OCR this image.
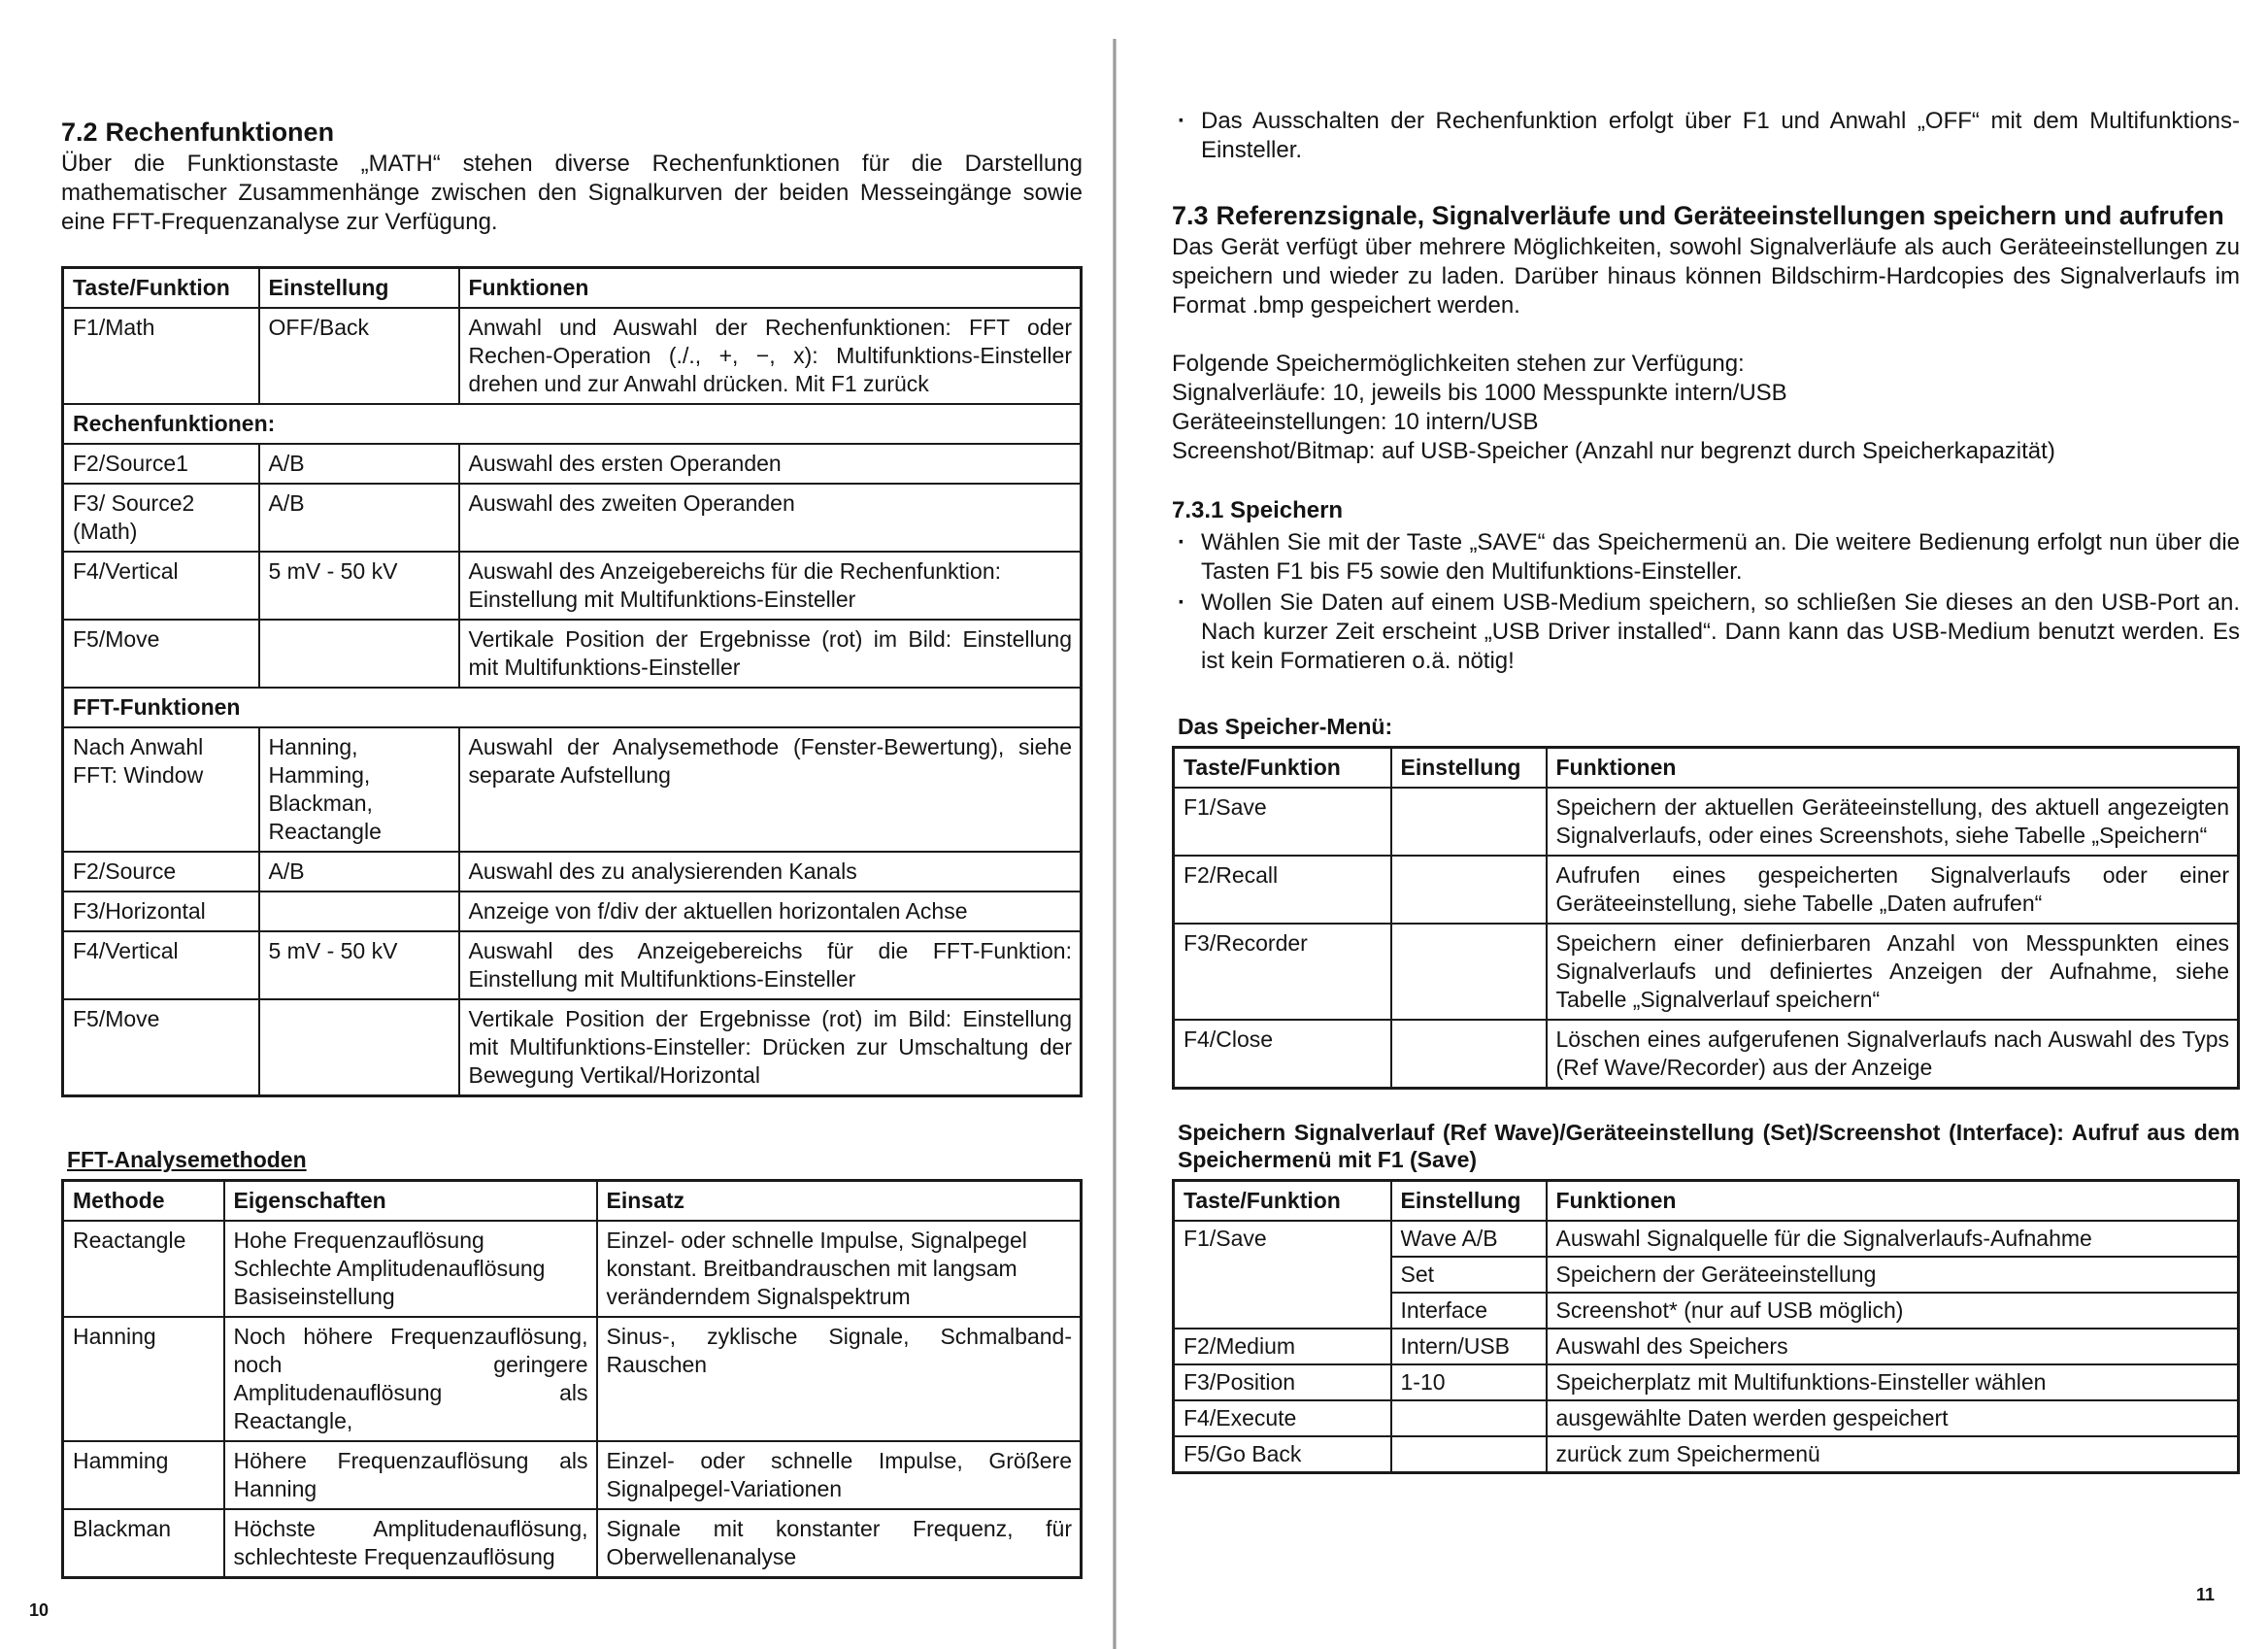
7.2 Rechenfunktionen

Über die Funktionstaste „MATH“ stehen diverse Rechenfunktionen für die Darstellung mathematischer Zusammenhänge zwischen den Signalkurven der beiden Messeingänge sowie eine FFT-Frequenzanalyse zur Verfügung.

Taste/Funktion	Einstellung	Funktionen
F1/Math	OFF/Back	Anwahl und Auswahl der Rechenfunktionen: FFT oder Rechen-Operation (./., +, −, x): Multifunktions-Einsteller drehen und zur Anwahl drücken. Mit F1 zurück
Rechenfunktionen:		
F2/Source1	A/B	Auswahl des ersten Operanden
F3/ Source2 (Math)	A/B	Auswahl des zweiten Operanden
F4/Vertical	5 mV - 50 kV	Auswahl des Anzeigebereichs für die Rechenfunktion: Einstellung mit Multifunktions-Einsteller
F5/Move		Vertikale Position der Ergebnisse (rot) im Bild: Einstellung mit Multifunktions-Einsteller
FFT-Funktionen		
Nach Anwahl FFT: Window	Hanning, Hamming, Blackman, Reactangle	Auswahl der Analysemethode (Fenster-Bewertung), siehe separate Aufstellung
F2/Source	A/B	Auswahl des zu analysierenden Kanals
F3/Horizontal		Anzeige von f/div der aktuellen horizontalen Achse
F4/Vertical	5 mV - 50 kV	Auswahl des Anzeigebereichs für die FFT-Funktion: Einstellung mit Multifunktions-Einsteller
F5/Move		Vertikale Position der Ergebnisse (rot) im Bild: Einstellung mit Multifunktions-Einsteller: Drücken zur Umschaltung der Bewegung Vertikal/Horizontal
FFT-Analysemethoden
Methode	Eigenschaften	Einsatz
Reactangle	Hohe Frequenzauflösung Schlechte Amplitudenauflösung Basiseinstellung	Einzel- oder schnelle Impulse, Signalpegel konstant. Breitbandrauschen mit langsam veränderndem Signalspektrum
Hanning	Noch höhere Frequenzauflösung, noch geringere Amplitudenauflösung als Reactangle,	Sinus-, zyklische Signale, Schmalband-Rauschen
Hamming	Höhere Frequenzauflösung als Hanning	Einzel- oder schnelle Impulse, Größere Signalpegel-Variationen
Blackman	Höchste Amplitudenauflösung, schlechteste Frequenzauflösung	Signale mit konstanter Frequenz, für Oberwellenanalyse
10
· Das Ausschalten der Rechenfunktion erfolgt über F1 und Anwahl „OFF“ mit dem Multifunktions-Einsteller.
7.3 Referenzsignale, Signalverläufe und Geräteeinstellungen speichern und aufrufen

Das Gerät verfügt über mehrere Möglichkeiten, sowohl Signalverläufe als auch Geräteeinstellungen zu speichern und wieder zu laden. Darüber hinaus können Bildschirm-Hardcopies des Signalverlaufs im Format .bmp gespeichert werden.

Folgende Speichermöglichkeiten stehen zur Verfügung:

Signalverläufe: 10, jeweils bis 1000 Messpunkte intern/USB

Geräteeinstellungen: 10 intern/USB

Screenshot/Bitmap: auf USB-Speicher (Anzahl nur begrenzt durch Speicherkapazität)

7.3.1 Speichern
· Wählen Sie mit der Taste „SAVE“ das Speichermenü an. Die weitere Bedienung erfolgt nun über die Tasten F1 bis F5 sowie den Multifunktions-Einsteller.
· Wollen Sie Daten auf einem USB-Medium speichern, so schließen Sie dieses an den USB-Port an. Nach kurzer Zeit erscheint „USB Driver installed“. Dann kann das USB-Medium benutzt werden. Es ist kein Formatieren o.ä. nötig!
Das Speicher-Menü:
Taste/Funktion	Einstellung	Funktionen
F1/Save		Speichern der aktuellen Geräteeinstellung, des aktuell angezeigten Signalverlaufs, oder eines Screenshots, siehe Tabelle „Speichern“
F2/Recall		Aufrufen eines gespeicherten Signalverlaufs oder einer Geräteeinstellung, siehe Tabelle „Daten aufrufen“
F3/Recorder		Speichern einer definierbaren Anzahl von Messpunkten eines Signalverlaufs und definiertes Anzeigen der Aufnahme, siehe Tabelle „Signalverlauf speichern“
F4/Close		Löschen eines aufgerufenen Signalverlaufs nach Auswahl des Typs (Ref Wave/Recorder) aus der Anzeige
Speichern Signalverlauf (Ref Wave)/Geräteeinstellung (Set)/Screenshot (Interface): Aufruf aus dem Speichermenü mit F1 (Save)
Taste/Funktion	Einstellung	Funktionen
F1/Save	Wave A/B	Auswahl Signalquelle für die Signalverlaufs-Aufnahme
	Set	Speichern der Geräteeinstellung
	Interface	Screenshot* (nur auf USB möglich)
F2/Medium	Intern/USB	Auswahl des Speichers
F3/Position	1-10	Speicherplatz mit Multifunktions-Einsteller wählen
F4/Execute		ausgewählte Daten werden gespeichert
F5/Go Back		zurück zum Speichermenü
11
